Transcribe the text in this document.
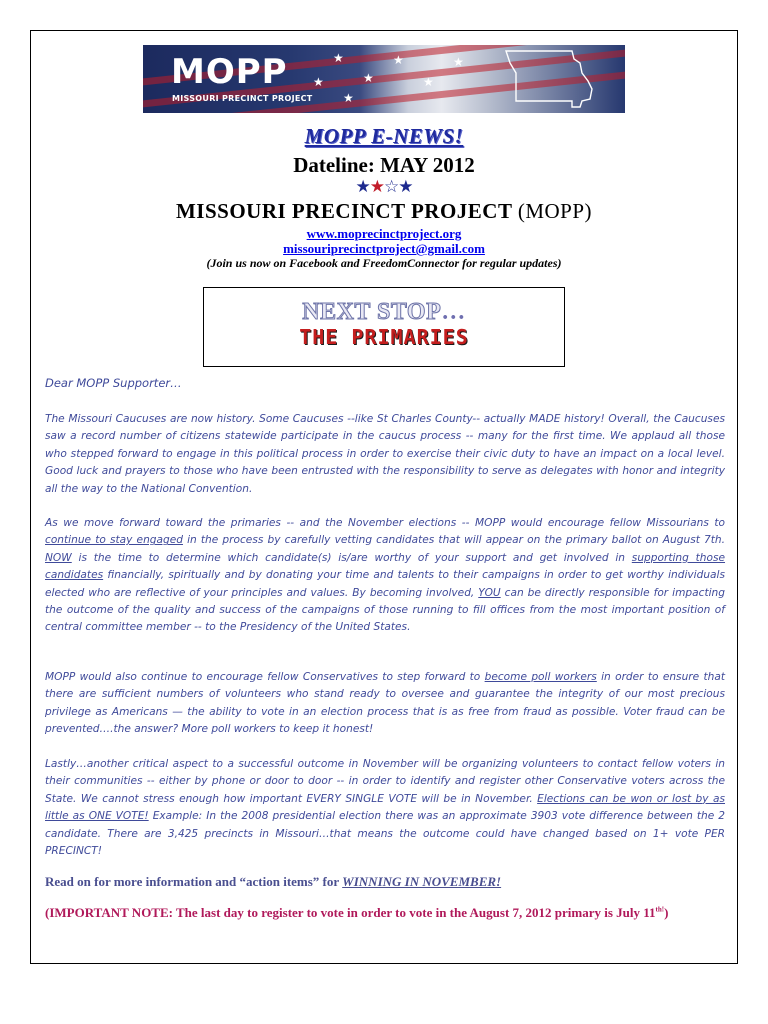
★
★
★
★
★
★
★
MOPP
MISSOURI PRECINCT PROJECT
MOPP E-NEWS!
Dateline: MAY 2012
★★☆★
MISSOURI PRECINCT PROJECT (MOPP)
www.moprecinctproject.org
missouriprecinctproject@gmail.com
(Join us now on Facebook and FreedomConnector for regular updates)
NEXT STOP…
THE PRIMARIES
Dear MOPP Supporter…
The Missouri Caucuses are now history. Some Caucuses --like St Charles County-- actually MADE history! Overall, the Caucuses saw a record number of citizens statewide participate in the caucus process -- many for the first time. We applaud all those who stepped forward to engage in this political process in order to exercise their civic duty to have an impact on a local level. Good luck and prayers to those who have been entrusted with the responsibility to serve as delegates with honor and integrity all the way to the National Convention.
As we move forward toward the primaries -- and the November elections -- MOPP would encourage fellow Missourians to continue to stay engaged in the process by carefully vetting candidates that will appear on the primary ballot on August 7th. NOW is the time to determine which candidate(s) is/are worthy of your support and get involved in supporting those candidates financially, spiritually and by donating your time and talents to their campaigns in order to get worthy individuals elected who are reflective of your principles and values. By becoming involved, YOU can be directly responsible for impacting the outcome of the quality and success of the campaigns of those running to fill offices from the most important position of central committee member -- to the Presidency of the United States.
MOPP would also continue to encourage fellow Conservatives to step forward to become poll workers in order to ensure that there are sufficient numbers of volunteers who stand ready to oversee and guarantee the integrity of our most precious privilege as Americans — the ability to vote in an election process that is as free from fraud as possible. Voter fraud can be prevented….the answer? More poll workers to keep it honest!
Lastly…another critical aspect to a successful outcome in November will be organizing volunteers to contact fellow voters in their communities -- either by phone or door to door -- in order to identify and register other Conservative voters across the State. We cannot stress enough how important EVERY SINGLE VOTE will be in November. Elections can be won or lost by as little as ONE VOTE! Example: In the 2008 presidential election there was an approximate 3903 vote difference between the 2 candidate. There are 3,425 precincts in Missouri…that means the outcome could have changed based on 1+ vote PER PRECINCT!
Read on for more information and “action items” for WINNING IN NOVEMBER!
(IMPORTANT NOTE: The last day to register to vote in order to vote in the August 7, 2012 primary is July $11^{th!}$)
